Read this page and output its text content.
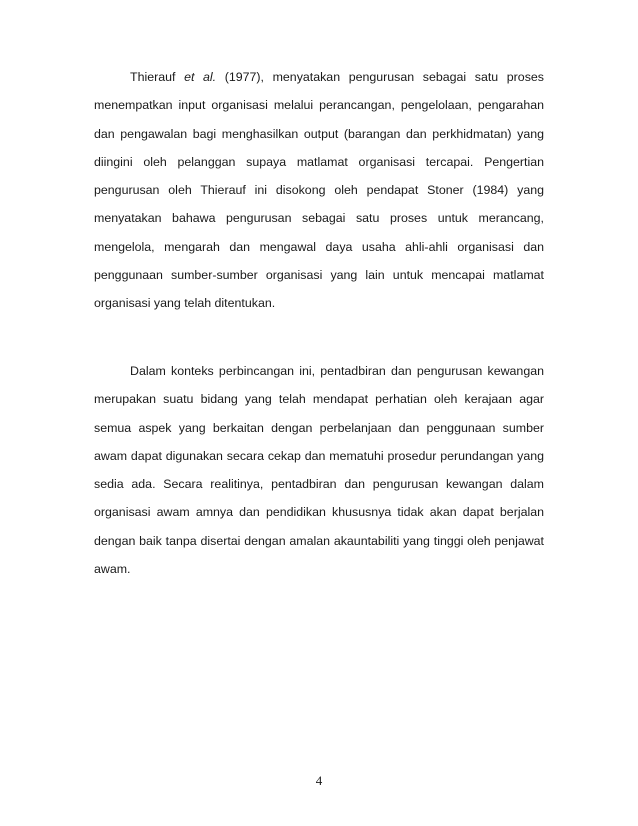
Thierauf et al. (1977), menyatakan pengurusan sebagai satu proses menempatkan input organisasi melalui perancangan, pengelolaan, pengarahan dan pengawalan bagi menghasilkan output (barangan dan perkhidmatan) yang diingini oleh pelanggan supaya matlamat organisasi tercapai. Pengertian pengurusan oleh Thierauf ini disokong oleh pendapat Stoner (1984) yang menyatakan bahawa pengurusan sebagai satu proses untuk merancang, mengelola, mengarah dan mengawal daya usaha ahli-ahli organisasi dan penggunaan sumber-sumber organisasi yang lain untuk mencapai matlamat organisasi yang telah ditentukan.

Dalam konteks perbincangan ini, pentadbiran dan pengurusan kewangan merupakan suatu bidang yang telah mendapat perhatian oleh kerajaan agar semua aspek yang berkaitan dengan perbelanjaan dan penggunaan sumber awam dapat digunakan secara cekap dan mematuhi prosedur perundangan yang sedia ada. Secara realitinya, pentadbiran dan pengurusan kewangan dalam organisasi awam amnya dan pendidikan khususnya tidak akan dapat berjalan dengan baik tanpa disertai dengan amalan akauntabiliti yang tinggi oleh penjawat awam.

4
